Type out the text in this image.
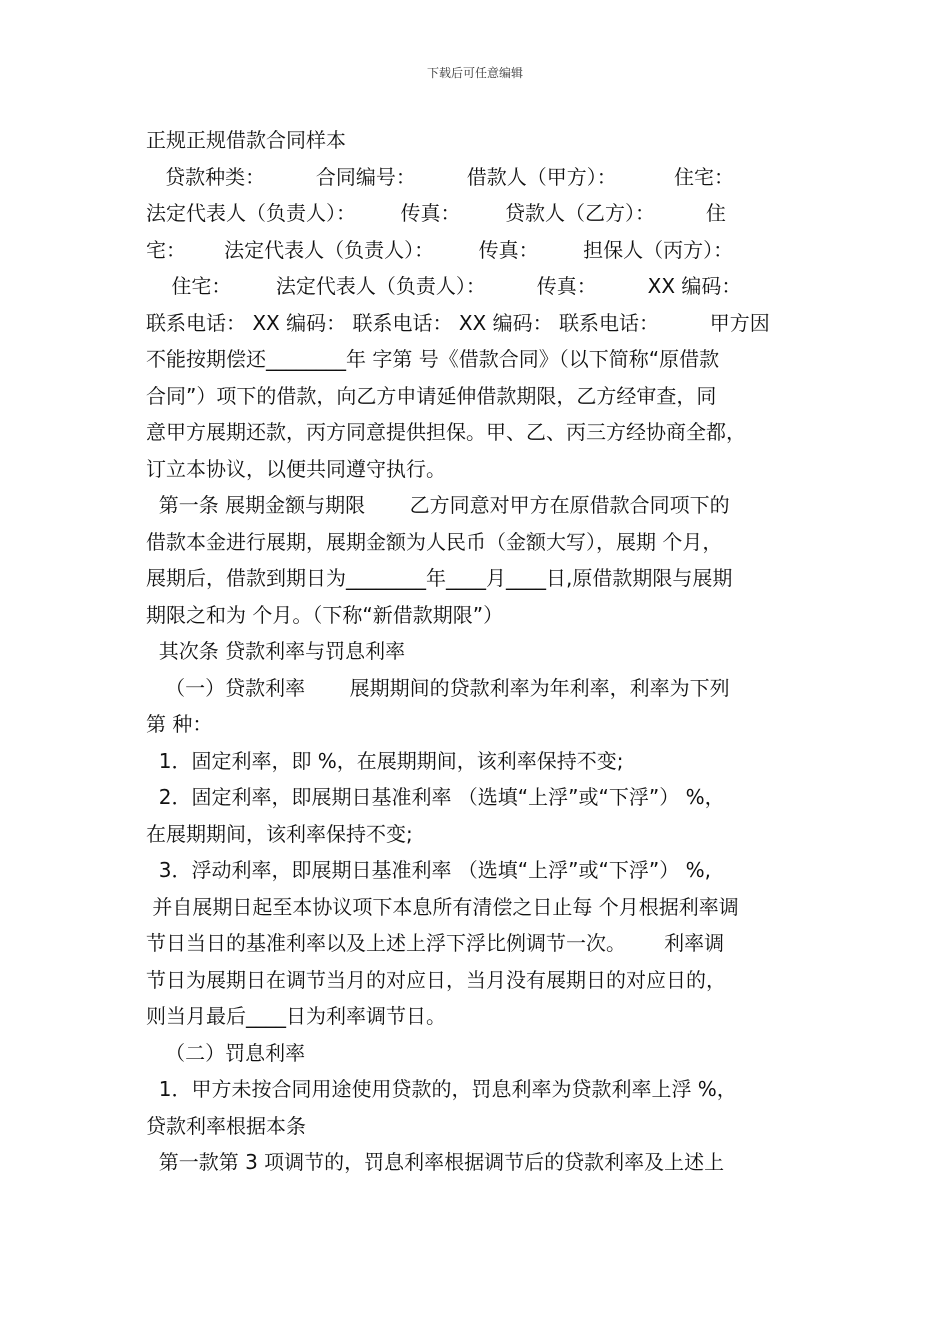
下载后可任意编辑
正规正规借款合同样本
贷款种类：        合同编号：        借款人（甲方）：         住宅：
法定代表人（负责人）：       传真：       贷款人（乙方）：        住
宅：      法定代表人（负责人）：       传真：       担保人（丙方）：
住宅：       法定代表人（负责人）：        传真：        XX 编码：
联系电话： XX 编码： 联系电话： XX 编码： 联系电话：        甲方因
不能按期偿还________年 字第 号《借款合同》（以下简称“原借款
合同”）项下的借款，向乙方申请延伸借款期限，乙方经审查，同
意甲方展期还款，丙方同意提供担保。甲、乙、丙三方经协商全都，
订立本协议，以便共同遵守执行。
第一条 展期金额与期限       乙方同意对甲方在原借款合同项下的
借款本金进行展期，展期金额为人民币（金额大写），展期 个月，
展期后，借款到期日为________年____月____日,原借款期限与展期
期限之和为 个月。（下称“新借款期限”）
其次条 贷款利率与罚息利率
（一）贷款利率       展期期间的贷款利率为年利率，利率为下列
第 种：
1．固定利率，即 %，在展期期间，该利率保持不变;
2．固定利率，即展期日基准利率 （选填“上浮”或“下浮”） %，
在展期期间，该利率保持不变;
3．浮动利率，即展期日基准利率 （选填“上浮”或“下浮”） %,
并自展期日起至本协议项下本息所有清偿之日止每 个月根据利率调
节日当日的基准利率以及上述上浮下浮比例调节一次。      利率调
节日为展期日在调节当月的对应日，当月没有展期日的对应日的，
则当月最后____日为利率调节日。
（二）罚息利率
1．甲方未按合同用途使用贷款的，罚息利率为贷款利率上浮 %，
贷款利率根据本条
第一款第 3 项调节的，罚息利率根据调节后的贷款利率及上述上
